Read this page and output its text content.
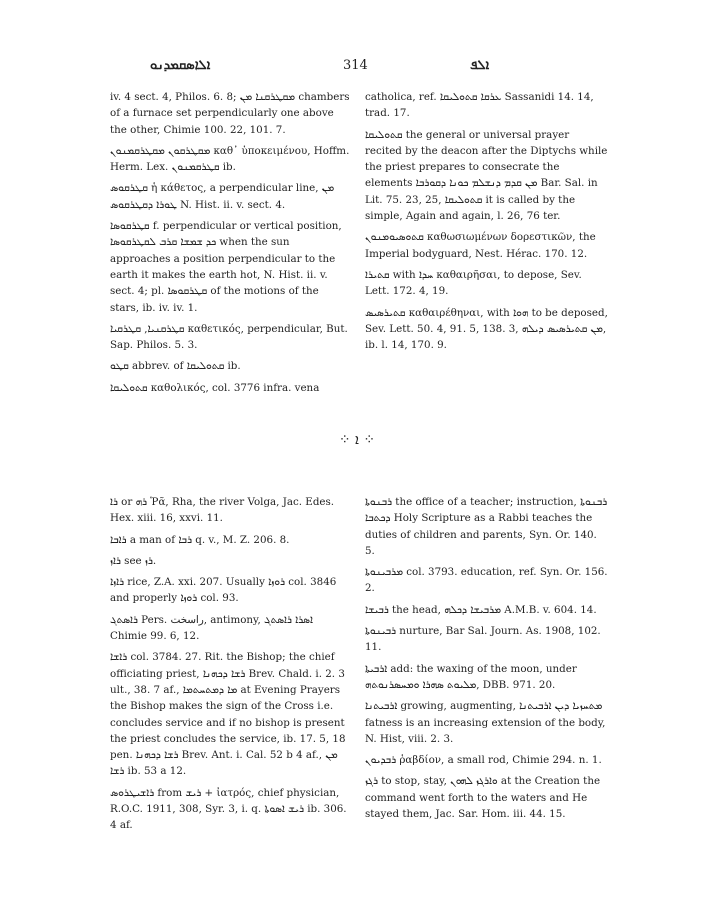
ܐܠܐܣܩܡܕܢܘ	314	ܐܠܦ

iv. 4 sect. 4, Philos. 6. 8; ܡܩܛܪܩܢܐ ܡܢ chambers of a furnace set perpendicularly one above the other, Chimie 100. 22, 101. 7.

ܡܩܛܪܩܘܢ ܡܩܛܪܩܡܢܘܢ καθ᾽ ὑποκειμένου, Hoffm. Herm. Lex. ܩܛܪܩܡܢܘܢ ib.

ܩܛܪܩܘܣ ἡ κάθετος, a perpendicular line, ܡܢ ܛܘܪܐ ܕܩܛܪܩܘܣ N. Hist. ii. v. sect. 4.

ܩܛܪܩܘܣܐ f. perpendicular or vertical position, ܟܕ ܫܡܫܐ ܩܪܒ ܠܩܛܪܩܘܣܐ when the sun approaches a position perpendicular to the earth it makes the earth hot, N. Hist. ii. v. sect. 4; pl. ܩܛܪܩܘܣܐ of the motions of the stars, ib. iv. iv. 1.

ܩܛܪܩܢܝܐ, ܩܛܪܩܝܐ καθετικός, perpendicular, But. Sap. Philos. 5. 3.

ܩܛܘ abbrev. of ܩܬܘܠܝܩܐ ib.

ܩܬܘܠܝܩܐ καθολικός, col. 3776 infra. vena

catholica, ref. ܥܪܩܐ ܩܬܘܠܝܩܐ Sassanidi 14. 14, trad. 17.

ܩܬܘܠܝܩܐ the general or universal prayer recited by the deacon after the Diptychs while the priest prepares to consecrate the elements ܡܢ ܩܕܡ ܕܢܫܠܡ ܟܘܢܐ ܕܩܘܪܒܐ Bar. Sal. in Lit. 75. 23, 25, ܩܬܘܠܝܩܐ it is called by the simple, Again and again, l. 26, 76 ter.

ܩܬܘܣܝܘܡܢܘܢ καθωσιωμένων δορεστικῶν, the Imperial bodyguard, Nest. Hérac. 170. 12.

ܩܬܝܪܐ with ܚܕܐ καθαιρῆσαι, to depose, Sev. Lett. 172. 4, 19.

ܩܬܝܪܣܝܣ καθαιρέθηναι, with ܗܘܐ to be deposed, Sev. Lett. 50. 4, 91. 5, 138. 3, ܡܢ ܩܬܝܪܣܝܣ ܕܝܠܗ, ib. l. 14, 170. 9.

⁘ ܐ ⁘

ܪܐ or ܪܗ Ῥᾶ, Rha, the river Volga, Jac. Edes. Hex. xiii. 16, xxvi. 11.

ܪܐܒܐ a man of ܪܒܐ q. v., M. Z. 206. 8.

ܪܐܙ see ܪܙ.

ܪܐܙܐ rice, Z.A. xxi. 207. Usually ܪܘܙܐ col. 3846 and properly ܪܘܙܐ col. 93.

ܪܐܣܬܓ Pers. راسخت, antimony, ܐܣܪܐ ܪܐܣܬܓ Chimie 99. 6, 12.

ܪܐܫܐ col. 3784. 27. Rit. the Bishop; the chief officiating priest, ܪܫܐ ܕܟܗܢܐ Brev. Chald. i. 2. 3 ult., 38. 7 af., ܡܐ ܕܡܬܚܬܡܐ at Evening Prayers the Bishop makes the sign of the Cross i.e. concludes service and if no bishop is present the priest concludes the service, ib. 17. 5, 18 pen. ܪܫܐ ܕܟܗܢܐ Brev. Ant. i. Cal. 52 b 4 af., ܡܢ ܪܫܐ ib. 53 a 12.

ܪܐܫܝܛܪܘܣ from ܪܝܫ + ἰατρός, chief physician, R.O.C. 1911, 308, Syr. 3, i. q. ܪܝܫ ܐܣܘܬܐ ib. 306. 4 af.

ܪܒܢܘܬܐ the office of a teacher; instruction, ܪܒܢܘܬܐ ܕܟܬܒܐ Holy Scripture as a Rabbi teaches the duties of children and parents, Syn. Or. 140. 5.

ܡܪܒܝܢܘܬܐ col. 3793. education, ref. Syn. Or. 156. 2.

ܪܒܝܫܐ the head, ܡܪܒܝܫܐ ܕܟܠܗ A.M.B. v. 604. 14.

ܪܒܝܢܘܬܐ nurture, Bar Sal. Journ. As. 1908, 102. 11.

ܐܪܒܝܬܐ add: the waxing of the moon, under ܡܠܝܘܬ ܣܗܪܐ ܘܡܚܣܪܢܘܬܗ, DBB. 971. 20.

ܐܪܒܝܬܢܐ growing, augmenting, ܡܬܚܙܝܐ ܕܝܢ ܐܪܒܝܬܢܐ fatness is an increasing extension of the body, N. Hist, viii. 2. 3.

ܪܒܕܝܘܢ ῥαβδίον, a small rod, Chimie 294. n. 1.

ܪܓܙ to stop, stay, ܘܐܪܓܙ ܠܗܘܢ at the Creation the command went forth to the waters and He stayed them, Jac. Sar. Hom. iii. 44. 15.
